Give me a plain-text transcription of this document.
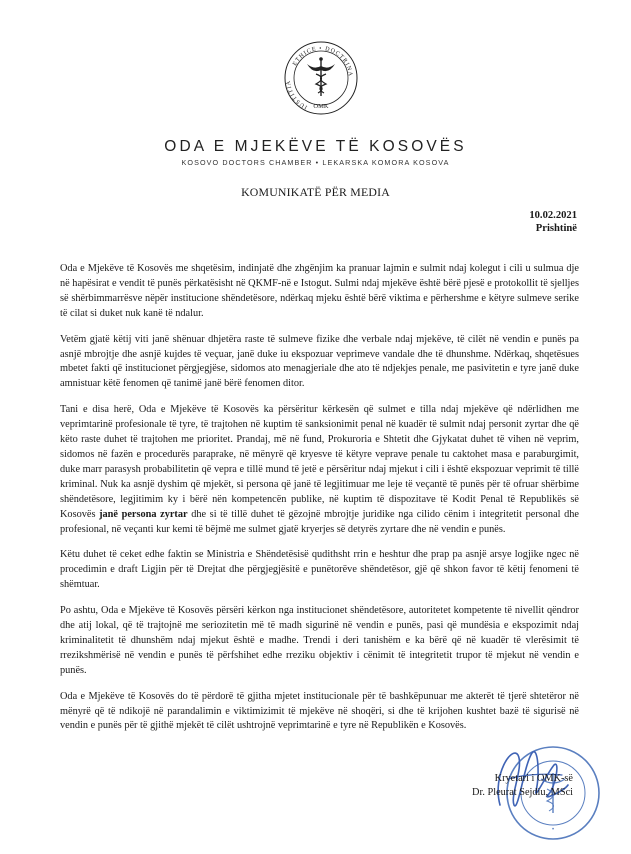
ETHICE • DOCTRINA
IUSTITIA
OMK
ODA E MJEKËVE TË KOSOVËS
KOSOVO DOCTORS CHAMBER • LEKARSKA KOMORA KOSOVA
KOMUNIKATË PËR MEDIA
10.02.2021
Prishtinë

Oda e Mjekëve të Kosovës me shqetësim, indinjatë dhe zhgënjim ka pranuar lajmin e sulmit ndaj kolegut i cili u sulmua dje në hapësirat e vendit të punës përkatësisht në QKMF-në e Istogut. Sulmi ndaj mjekëve është bërë pjesë e protokollit të sjelljes së shërbimmarrësve nëpër institucione shëndetësore, ndërkaq mjeku është bërë viktima e përhershme e këtyre sulmeve serike të cilat si duket nuk kanë të ndalur.

Vetëm gjatë këtij viti janë shënuar dhjetëra raste të sulmeve fizike dhe verbale ndaj mjekëve, të cilët në vendin e punës pa asnjë mbrojtje dhe asnjë kujdes të veçuar, janë duke iu ekspozuar veprimeve vandale dhe të dhunshme. Ndërkaq, shqetësues mbetet fakti që institucionet përgjegjëse, sidomos ato menagjeriale dhe ato të ndjekjes penale, me pasivitetin e tyre janë duke amnistuar këtë fenomen që tanimë janë bërë fenomen ditor.

Tani e disa herë, Oda e Mjekëve të Kosovës ka përsëritur kërkesën që sulmet e tilla ndaj mjekëve që ndërlidhen me veprimtarinë profesionale të tyre, të trajtohen në kuptim të sanksionimit penal në kuadër të sulmit ndaj personit zyrtar dhe që këto raste duhet të trajtohen me prioritet. Prandaj, më në fund, Prokuroria e Shtetit dhe Gjykatat duhet të vihen në veprim, sidomos në fazën e procedurës paraprake, në mënyrë që kryesve të këtyre veprave penale tu caktohet masa e paraburgimit, duke marr parasysh probabilitetin që vepra e tillë mund të jetë e përsëritur ndaj mjekut i cili i është ekspozuar veprimit të tillë kriminal. Nuk ka asnjë dyshim që mjekët, si persona që janë të legjitimuar me leje të veçantë të punës për të ofruar shërbime shëndetësore, legjitimim ky i bërë nën kompetencën publike, në kuptim të dispozitave të Kodit Penal të Republikës së Kosovës janë persona zyrtar dhe si të tillë duhet të gëzojnë mbrojtje juridike nga cilido cënim i integritetit personal dhe profesional, në veçanti kur kemi të bëjmë me sulmet gjatë kryerjes së detyrës zyrtare dhe në vendin e punës.

Këtu duhet të ceket edhe faktin se Ministria e Shëndetësisë qudithsht rrin e heshtur dhe prap pa asnjë arsye logjike ngec në procedimin e draft Ligjin për të Drejtat dhe përgjegjësitë e punëtorëve shëndetësor, gjë që shkon favor të këtij fenomeni të shëmtuar.

Po ashtu, Oda e Mjekëve të Kosovës përsëri kërkon nga institucionet shëndetësore, autoritetet kompetente të nivellit qëndror dhe atij lokal, që të trajtojnë me seriozitetin më të madh sigurinë në vendin e punës, pasi që mundësia e ekspozimit ndaj kriminalitetit të dhunshëm ndaj mjekut është e madhe. Trendi i deri tanishëm e ka bërë që në kuadër të vlerësimit të rrezikshmërisë në vendin e punës të përfshihet edhe rreziku objektiv i cënimit të integritetit trupor të mjekut në vendin e punës.

Oda e Mjekëve të Kosovës do të përdorë të gjitha mjetet institucionale për të bashkëpunuar me akterët të tjerë shtetëror në mënyrë që të ndikojë në parandalimin e viktimizimit të mjekëve në shoqëri, si dhe të krijohen kushtet bazë të sigurisë në vendin e punës për të gjithë mjekët të cilët ushtrojnë veprimtarinë e tyre në Republikën e Kosovës.

•
Kryetari i OMK-së
Dr. Pleurat Sejdiu, MSci
